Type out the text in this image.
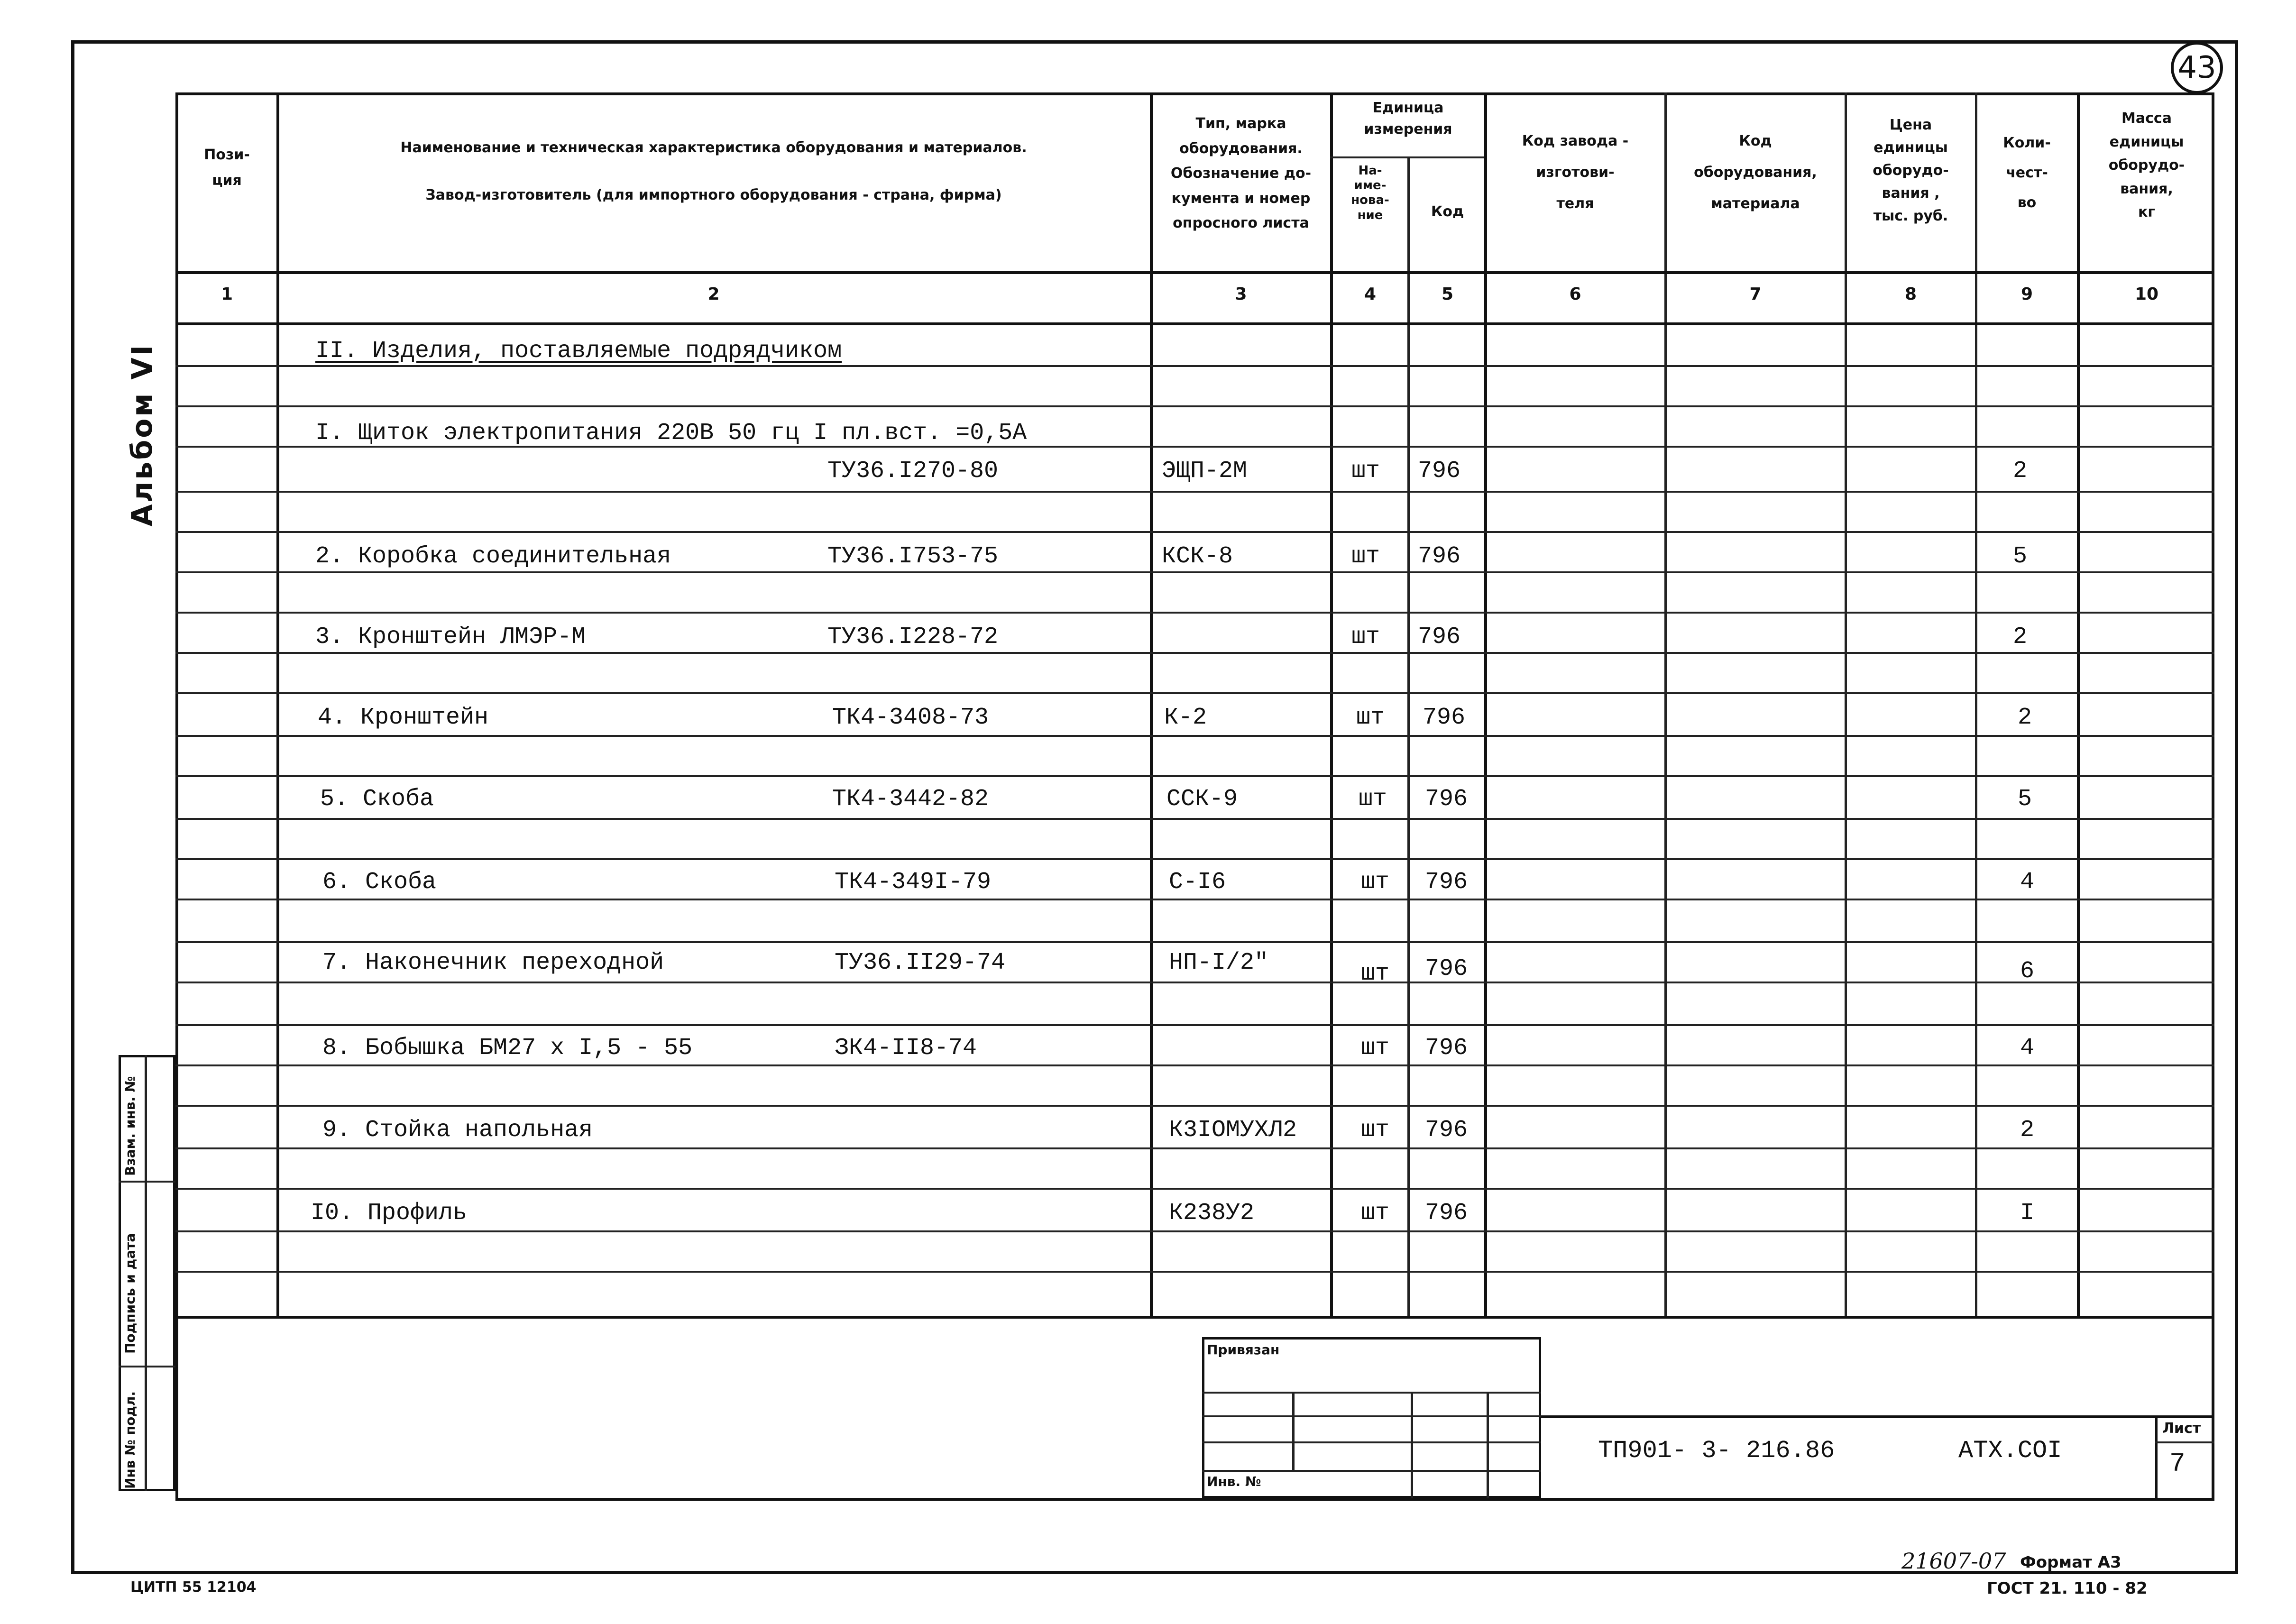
43
Альбом VI
Взам. инв. №
Подпись и дата
Инв № подл.
Пози-
ция
Наименование и техническая характеристика оборудования и материалов.
Завод-изготовитель (для импортного оборудования - страна, фирма)
Тип, марка
оборудования.
Обозначение до-
кумента и номер
опросного листа
Единица
измерения
На-
име-
нова-
ние	Код
Код завода -
изготови-
теля
Код
оборудования,
материала
Цена
единицы
оборудо-
вания ,
тыс. руб.
Коли-
чест-
во
Масса
единицы
оборудо-
вания,
кг
1	2	3	4	5	6	7	8	9	10
II. Изделия, поставляемые подрядчиком
I. Щиток электропитания 220В 50 гц I пл.вст. =0,5А
ТУ36.I270-80	ЭЩП-2М	шт 796	2
2. Коробка соединительная	ТУ36.I753-75	КСК-8	шт 796	5
3. Кронштейн ЛМЭР-М	ТУ36.I228-72	шт 796	2
4. Кронштейн	ТК4-3408-73	К-2	шт 796	2
5. Скоба	ТК4-3442-82	ССК-9	шт 796	5
6. Скоба	ТК4-349I-79	С-I6	шт 796	4
7. Наконечник переходной	ТУ36.II29-74	НП-I/2"	шт 796	6
8. Бобышка БМ27 х I,5 - 55	ЗК4-II8-74	шт 796	4
9. Стойка напольная	К3IОМУХЛ2	шт 796	2
I0. Профиль	К238У2	шт 796	I
Привязан
Инв. №
ТП901- 3- 216.86	АТХ.СОI
Лист
7
ЦИТП 55 12104
21607-07 Формат А3
ГОСТ 21. 110 - 82
